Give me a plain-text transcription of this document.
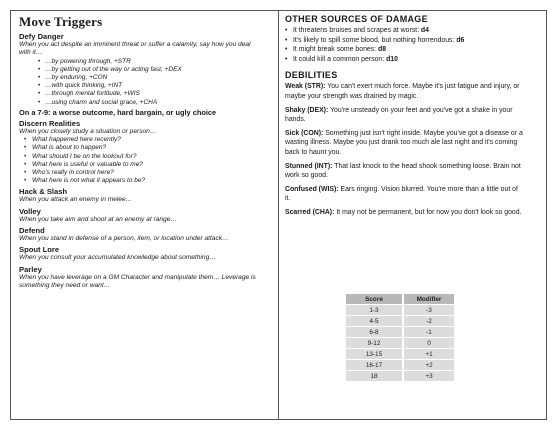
Move Triggers
Defy Danger
When you act despite an imminent threat or suffer a calamity, say how you deal with it…
• …by powering through, +STR
• …by getting out of the way or acting fast, +DEX
• …by enduring, +CON
• …with quick thinking, +INT
• …through mental fortitude, +WIS
• …using charm and social grace, +CHA
On a 7-9: a worse outcome, hard bargain, or ugly choice
Discern Realities
When you closely study a situation or person…
• What happened here recently?
• What is about to happen?
• What should I be on the lookout for?
• What here is useful or valuable to me?
• Who's really in control here?
• What here is not what it appears to be?
Hack & Slash
When you attack an enemy in melee…
Volley
When you take aim and shoot at an enemy at range…
Defend
When you stand in defense of a person, item, or location under attack…
Spout Lore
When you consult your accumulated knowledge about something…
Parley
When you have leverage on a GM Character and manipulate them… Leverage is something they need or want…
OTHER SOURCES OF DAMAGE
• It threatens bruises and scrapes at worst: d4
• It's likely to spill some blood, but nothing horrendous: d6
• It might break some bones: d8
• It could kill a common person: d10
DEBILITIES

Weak (STR): You can't exert much force. Maybe it's just fatigue and injury, or maybe your strength was drained by magic.

Shaky (DEX): You're unsteady on your feet and you've got a shake in your hands.

Sick (CON): Something just isn't right inside. Maybe you've got a disease or a wasting illness. Maybe you just drank too much ale last night and it's coming back to haunt you.

Stunned (INT): That last knock to the head shook something loose. Brain not work so good.

Confused (WIS): Ears ringing. Vision blurred. You're more than a little out of it.

Scarred (CHA): It may not be permanent, but for now you don't look so good.

Score	Modifier
1-3	-3
4-5	-2
6-8	-1
9-12	0
13-15	+1
16-17	+2
18	+3
